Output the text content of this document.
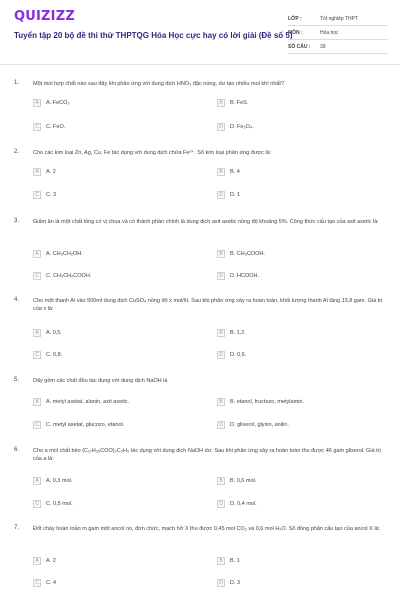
QUIZIZZ
Tuyển tập 20 bộ đề thi thử THPTQG Hóa Học cực hay có lời giải (Đề số 5)
LỚP :	Tốt nghiệp THPT
MÔN :	Hóa học
SỐ CÂU :	39
1.	Một mol hợp chất nào sau đây khi phản ứng với dung dịch HNO₃ đặc nóng, dư tạo nhiều mol khí nhất?
A	A. FeCO₃	B	B. FeS.
C	C. FeO.	D	D. Fe₃O₄.
2.	Cho các kim loại Zn, Ag, Cu, Fe tác dụng với dung dịch chứa Fe³⁺. Số kim loại phản ứng được là:
A	A. 2	B	B. 4
C	C. 3	D	D. 1
3.	Giấm ăn là một chất lỏng có vị chua và có thành phần chính là dung dịch axit axetic nồng độ khoảng 5%. Công thức cấu tạo của axit axetic là:
A	A. CH₃CH₂OH.	B	B. CH₃COOH.
C	C. CH₃CH₂COOH.	D	D. HCOOH.
4.	Cho một thanh Al vào 500ml dung dịch CuSO₄ nồng độ x mol/lít. Sau khi phản ứng xảy ra hoàn toàn, khối lượng thanh Al tăng 13,8 gam. Giá trị của x là:
A	A. 0,5.	B	B. 1,2.
C	C. 0,8.	D	D. 0,6.
5.	Dãy gồm các chất đều tác dụng với dung dịch NaOH là
A	A. metyl axetat, alanin, axit axetic.	B	B. etanol, fructozo, metylamin.
C	C. metyl axetat, glucozo, etanol.	D	D. glixerol, glyxin, anilin.
6.	Cho a mol chất béo (C₁₇H₃₅COO)₃C₃H₅ tác dụng với dung dịch NaOH dư. Sau khi phản ứng xảy ra hoàn toàn thu được 46 gam glixerol. Giá trị của a là:
A	A. 0,3 mol.	B	B. 0,6 mol.
C	C. 0,5 mol.	D	D. 0,4 mol.
7.	Đốt cháy hoàn toàn m gam một ancol no, đơn chức, mạch hở X thu được 0,45 mol CO₂ và 0,6 mol H₂O. Số đồng phân cấu tạo của ancol X là:
A	A. 2	B	B. 1
C	C. 4	D	D. 3
